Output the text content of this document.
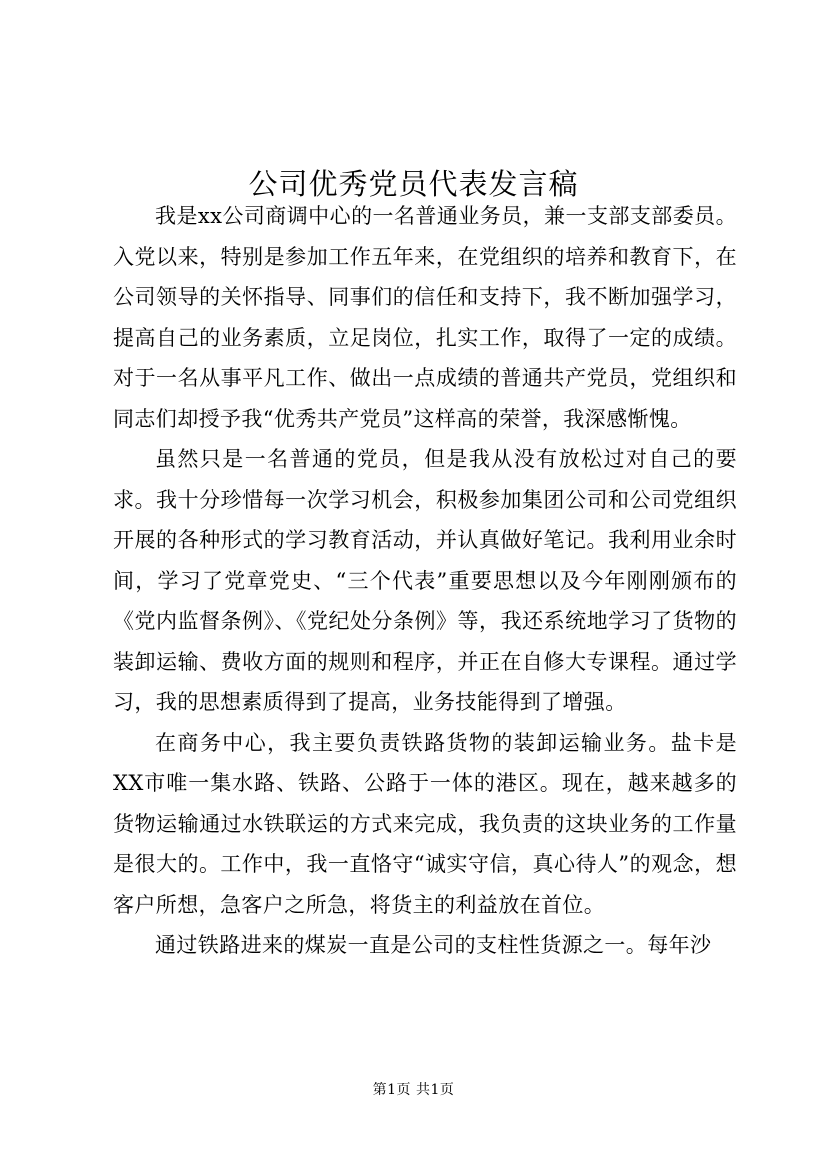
公司优秀党员代表发言稿

我是xx公司商调中心的一名普通业务员，兼一支部支部委员。入党以来，特别是参加工作五年来，在党组织的培养和教育下，在公司领导的关怀指导、同事们的信任和支持下，我不断加强学习，提高自己的业务素质，立足岗位，扎实工作，取得了一定的成绩。对于一名从事平凡工作、做出一点成绩的普通共产党员，党组织和同志们却授予我“优秀共产党员”这样高的荣誉，我深感惭愧。

虽然只是一名普通的党员，但是我从没有放松过对自己的要求。我十分珍惜每一次学习机会，积极参加集团公司和公司党组织开展的各种形式的学习教育活动，并认真做好笔记。我利用业余时间，学习了党章党史、“三个代表”重要思想以及今年刚刚颁布的《党内监督条例》、《党纪处分条例》等，我还系统地学习了货物的装卸运输、费收方面的规则和程序，并正在自修大专课程。通过学习，我的思想素质得到了提高，业务技能得到了增强。

在商务中心，我主要负责铁路货物的装卸运输业务。盐卡是XX市唯一集水路、铁路、公路于一体的港区。现在，越来越多的货物运输通过水铁联运的方式来完成，我负责的这块业务的工作量是很大的。工作中，我一直恪守“诚实守信，真心待人”的观念，想客户所想，急客户之所急，将货主的利益放在首位。

通过铁路进来的煤炭一直是公司的支柱性货源之一。每年沙

第1页 共1页
